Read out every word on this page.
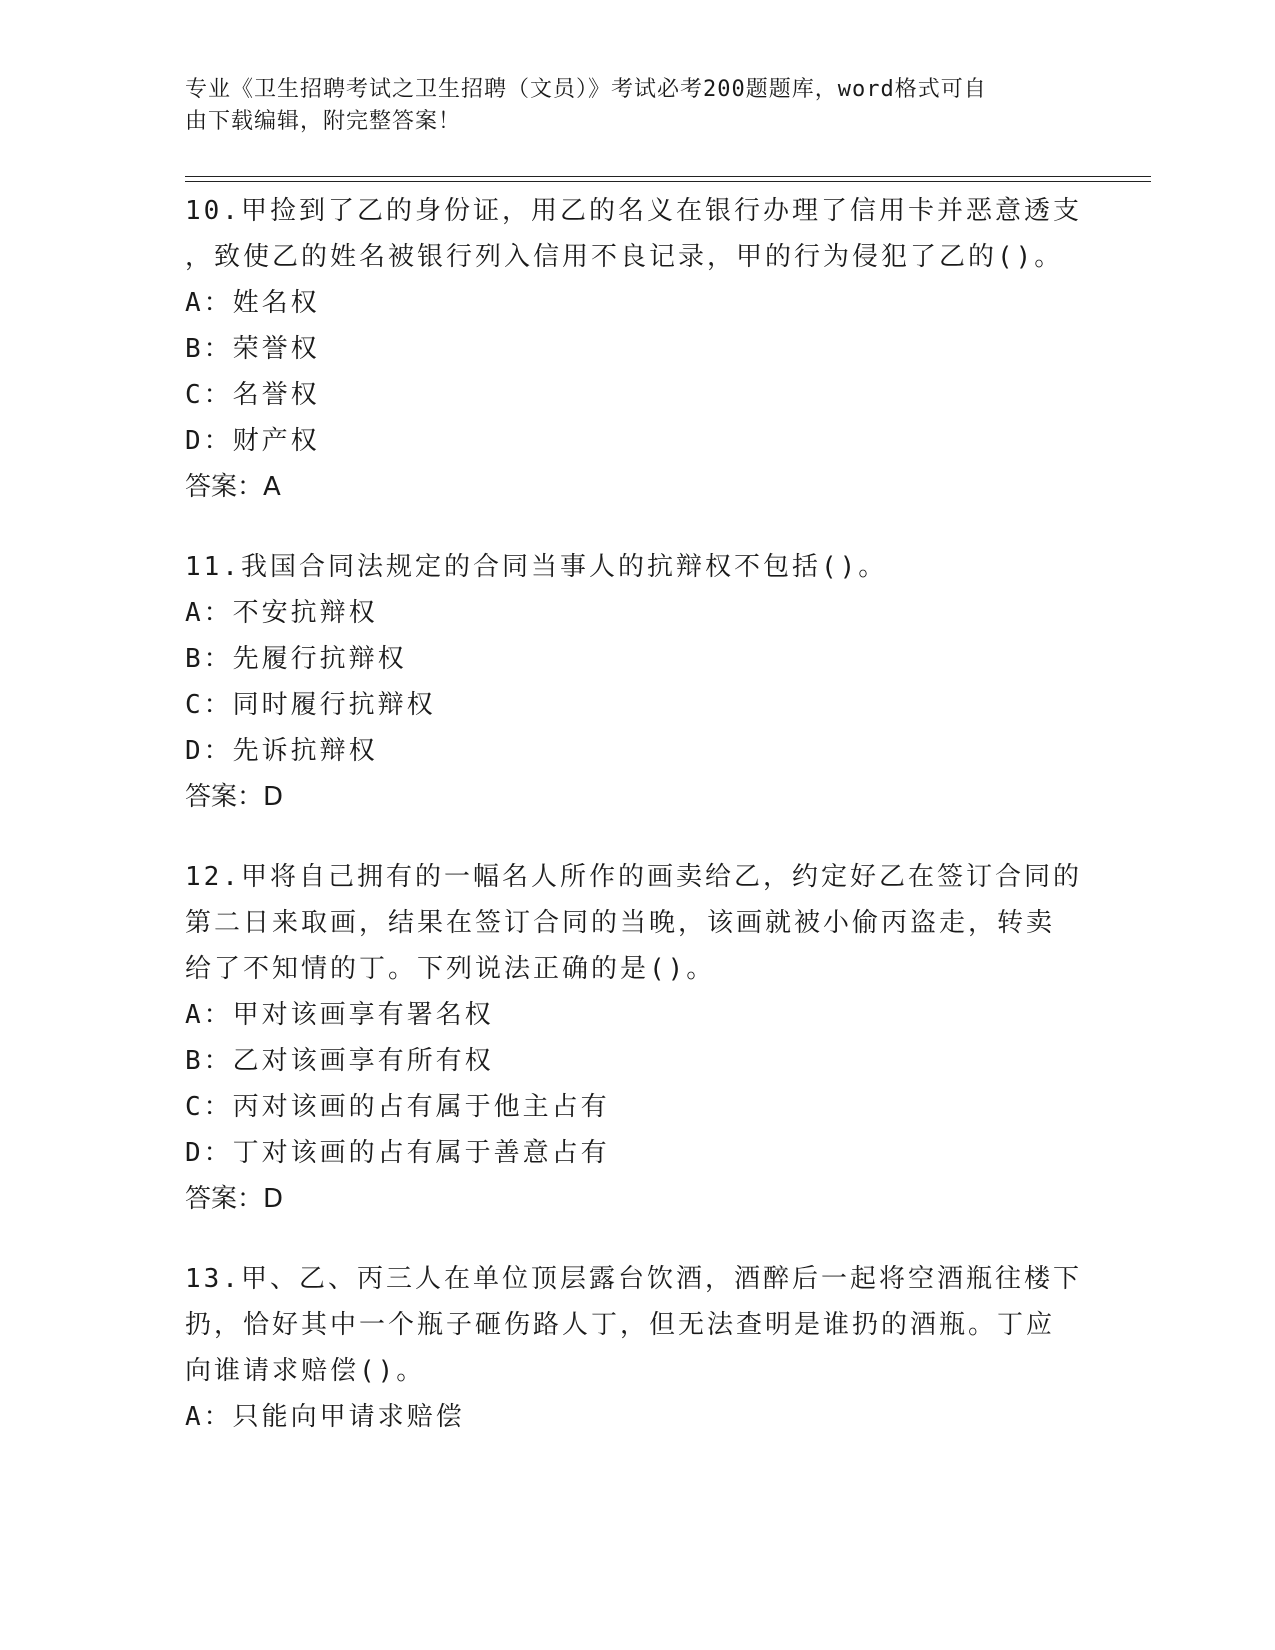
专业《卫生招聘考试之卫生招聘（文员）》考试必考200题题库，word格式可自
由下载编辑，附完整答案！
10.甲捡到了乙的身份证，用乙的名义在银行办理了信用卡并恶意透支
，致使乙的姓名被银行列入信用不良记录，甲的行为侵犯了乙的()。
A：姓名权
B：荣誉权
C：名誉权
D：财产权
答案：A
11.我国合同法规定的合同当事人的抗辩权不包括()。
A：不安抗辩权
B：先履行抗辩权
C：同时履行抗辩权
D：先诉抗辩权
答案：D
12.甲将自己拥有的一幅名人所作的画卖给乙，约定好乙在签订合同的
第二日来取画，结果在签订合同的当晚，该画就被小偷丙盗走，转卖
给了不知情的丁。下列说法正确的是()。
A：甲对该画享有署名权
B：乙对该画享有所有权
C：丙对该画的占有属于他主占有
D：丁对该画的占有属于善意占有
答案：D
13.甲、乙、丙三人在单位顶层露台饮酒，酒醉后一起将空酒瓶往楼下
扔，恰好其中一个瓶子砸伤路人丁，但无法查明是谁扔的酒瓶。丁应
向谁请求赔偿()。
A：只能向甲请求赔偿
